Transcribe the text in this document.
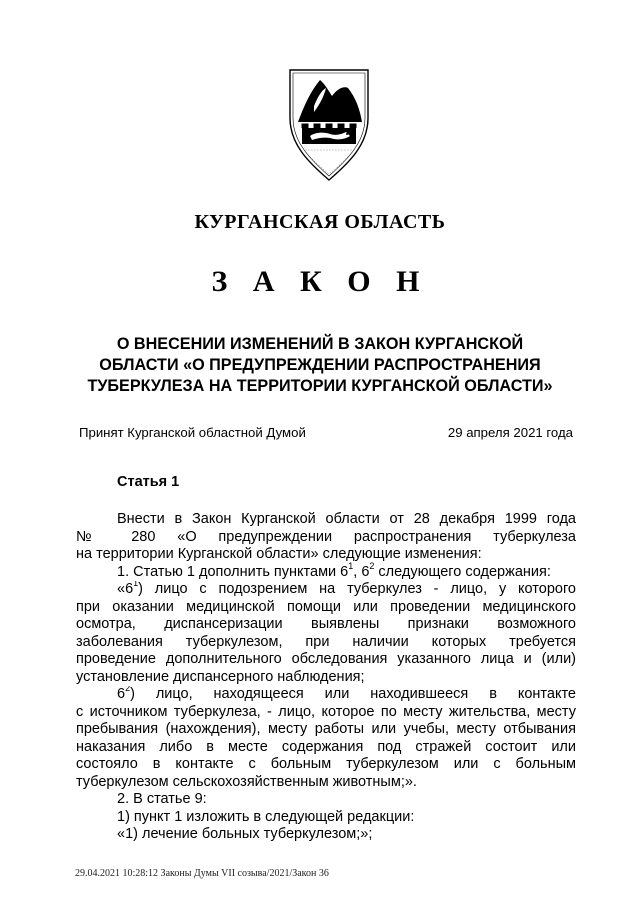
КУРГАНСКАЯ ОБЛАСТЬ
З А К О Н
О ВНЕСЕНИИ ИЗМЕНЕНИЙ В ЗАКОН КУРГАНСКОЙ
ОБЛАСТИ «О ПРЕДУПРЕЖДЕНИИ РАСПРОСТРАНЕНИЯ
ТУБЕРКУЛЕЗА НА ТЕРРИТОРИИ КУРГАНСКОЙ ОБЛАСТИ»
Принят Курганской областной Думой	29 апреля 2021 года
Статья 1
Внести в Закон Курганской области от 28 декабря 1999 года
№ 280 «О предупреждении распространения туберкулеза
на территории Курганской области» следующие изменения:
1. Статью 1 дополнить пунктами $6^1$, $6^2$ следующего содержания:
«$6^1$) лицо с подозрением на туберкулез - лицо, у которого
при оказании медицинской помощи или проведении медицинского
осмотра, диспансеризации выявлены признаки возможного
заболевания туберкулезом, при наличии которых требуется
проведение дополнительного обследования указанного лица и (или)
установление диспансерного наблюдения;
$6^2$) лицо, находящееся или находившееся в контакте
с источником туберкулеза, - лицо, которое по месту жительства, месту
пребывания (нахождения), месту работы или учебы, месту отбывания
наказания либо в месте содержания под стражей состоит или
состояло в контакте с больным туберкулезом или с больным
туберкулезом сельскохозяйственным животным;».
2. В статье 9:
1) пункт 1 изложить в следующей редакции:
«1) лечение больных туберкулезом;»;
29.04.2021 10:28:12 Законы Думы VII созыва/2021/Закон 36
